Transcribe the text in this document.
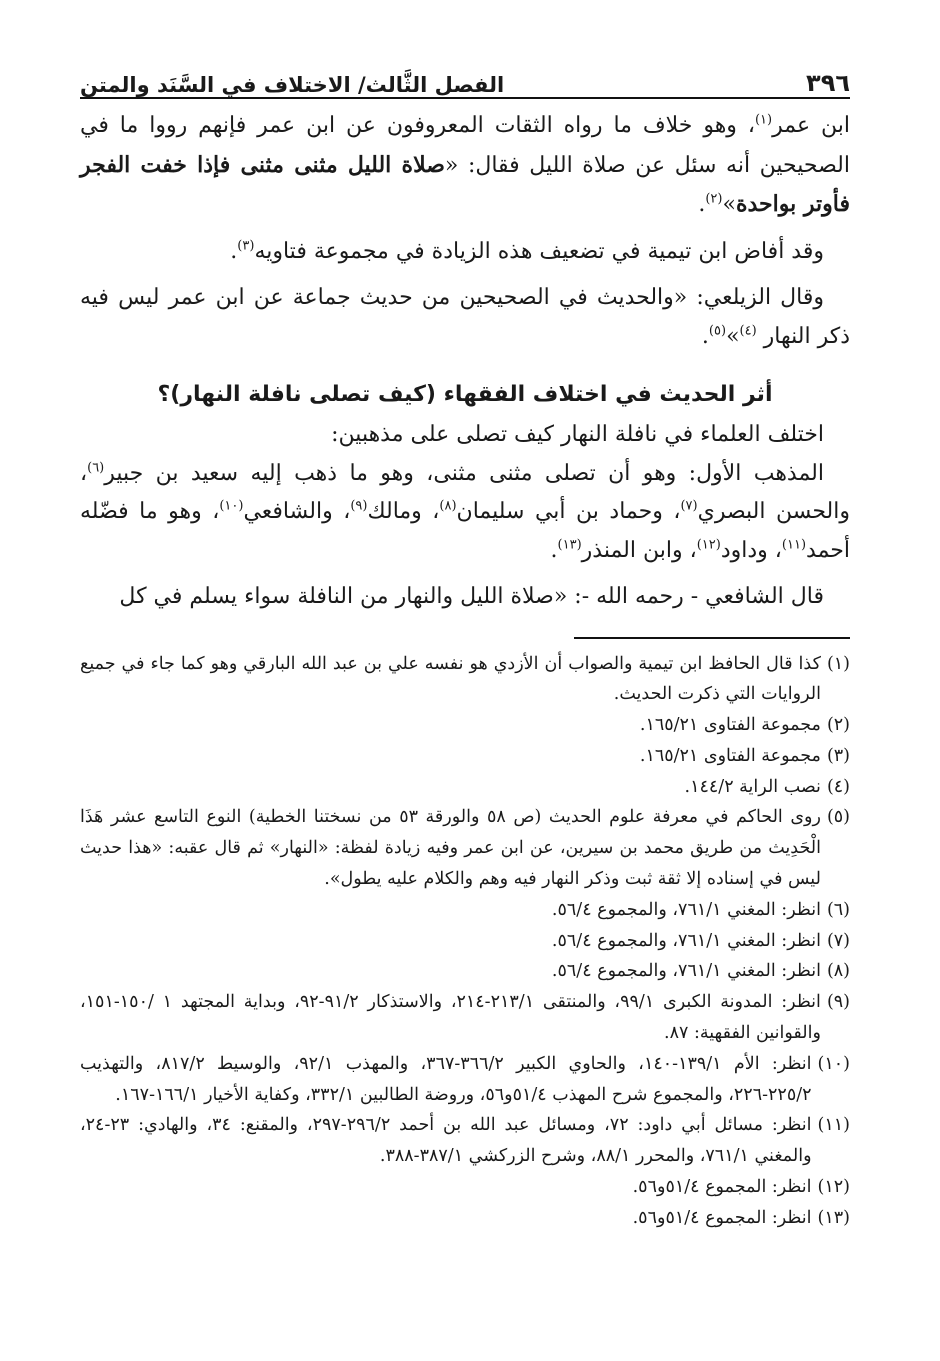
٣٩٦
الفصل الثَّالث/ الاختلاف في السَّنَد والمتن

ابن عمر$^{(١)}$، وهو خلاف ما رواه الثقات المعروفون عن ابن عمر فإنهم رووا ما في الصحيحين أنه سئل عن صلاة الليل فقال: «صلاة الليل مثنى مثنى فإذا خفت الفجر فأوتر بواحدة»$^{(٢)}$.

وقد أفاض ابن تيمية في تضعيف هذه الزيادة في مجموعة فتاويه$^{(٣)}$.

وقال الزيلعي: «والحديث في الصحيحين من حديث جماعة عن ابن عمر ليس فيه ذكر النهار $^{(٤)}$»$^{(٥)}$.

أثر الحديث في اختلاف الفقهاء (كيف تصلى نافلة النهار)؟

اختلف العلماء في نافلة النهار كيف تصلى على مذهبين:

المذهب الأول: وهو أن تصلى مثنى مثنى، وهو ما ذهب إليه سعيد بن جبير$^{(٦)}$، والحسن البصري$^{(٧)}$، وحماد بن أبي سليمان$^{(٨)}$، ومالك$^{(٩)}$، والشافعي$^{(١٠)}$، وهو ما فضّله أحمد$^{(١١)}$، وداود$^{(١٢)}$، وابن المنذر$^{(١٣)}$.

قال الشافعي - رحمه الله -: «صلاة الليل والنهار من النافلة سواء يسلم في كل

(١)
كذا قال الحافظ ابن تيمية والصواب أن الأزدي هو نفسه علي بن عبد الله البارقي وهو كما جاء في جميع الروايات التي ذكرت الحديث.
(٢)
مجموعة الفتاوى ١٦٥/٢١.
(٣)
مجموعة الفتاوى ١٦٥/٢١.
(٤)
نصب الراية ١٤٤/٢.
(٥)
روى الحاكم في معرفة علوم الحديث (ص ٥٨ والورقة ٥٣ من نسختنا الخطية) النوع التاسع عشر هَذَا الْحَدِيث من طريق محمد بن سيرين، عن ابن عمر وفيه زيادة لفظة: «النهار» ثم قال عقبه: «هذا حديث ليس في إسناده إلا ثقة ثبت وذكر النهار فيه وهم والكلام عليه يطول».
(٦)
انظر: المغني ٧٦١/١، والمجموع ٥٦/٤.
(٧)
انظر: المغني ٧٦١/١، والمجموع ٥٦/٤.
(٨)
انظر: المغني ٧٦١/١، والمجموع ٥٦/٤.
(٩)
انظر: المدونة الكبرى ٩٩/١، والمنتقى ٢١٣/١-٢١٤، والاستذكار ٩١/٢-٩٢، وبداية المجتهد ١ /١٥٠-١٥١، والقوانين الفقهية: ٨٧.
(١٠)
انظر: الأم ١٣٩/١-١٤٠، والحاوي الكبير ٣٦٦/٢-٣٦٧، والمهذب ٩٢/١، والوسيط ٨١٧/٢، والتهذيب ٢٢٥/٢-٢٢٦، والمجموع شرح المهذب ٥١/٤و٥٦، وروضة الطالبين ٣٣٢/١، وكفاية الأخيار ١٦٦/١-١٦٧.
(١١)
انظر: مسائل أبي داود: ٧٢، ومسائل عبد الله بن أحمد ٢٩٦/٢-٢٩٧، والمقنع: ٣٤، والهادي: ٢٣-٢٤، والمغني ٧٦١/١، والمحرر ٨٨/١، وشرح الزركشي ٣٨٧/١-٣٨٨.
(١٢)
انظر: المجموع ٥١/٤و٥٦.
(١٣)
انظر: المجموع ٥١/٤و٥٦.
